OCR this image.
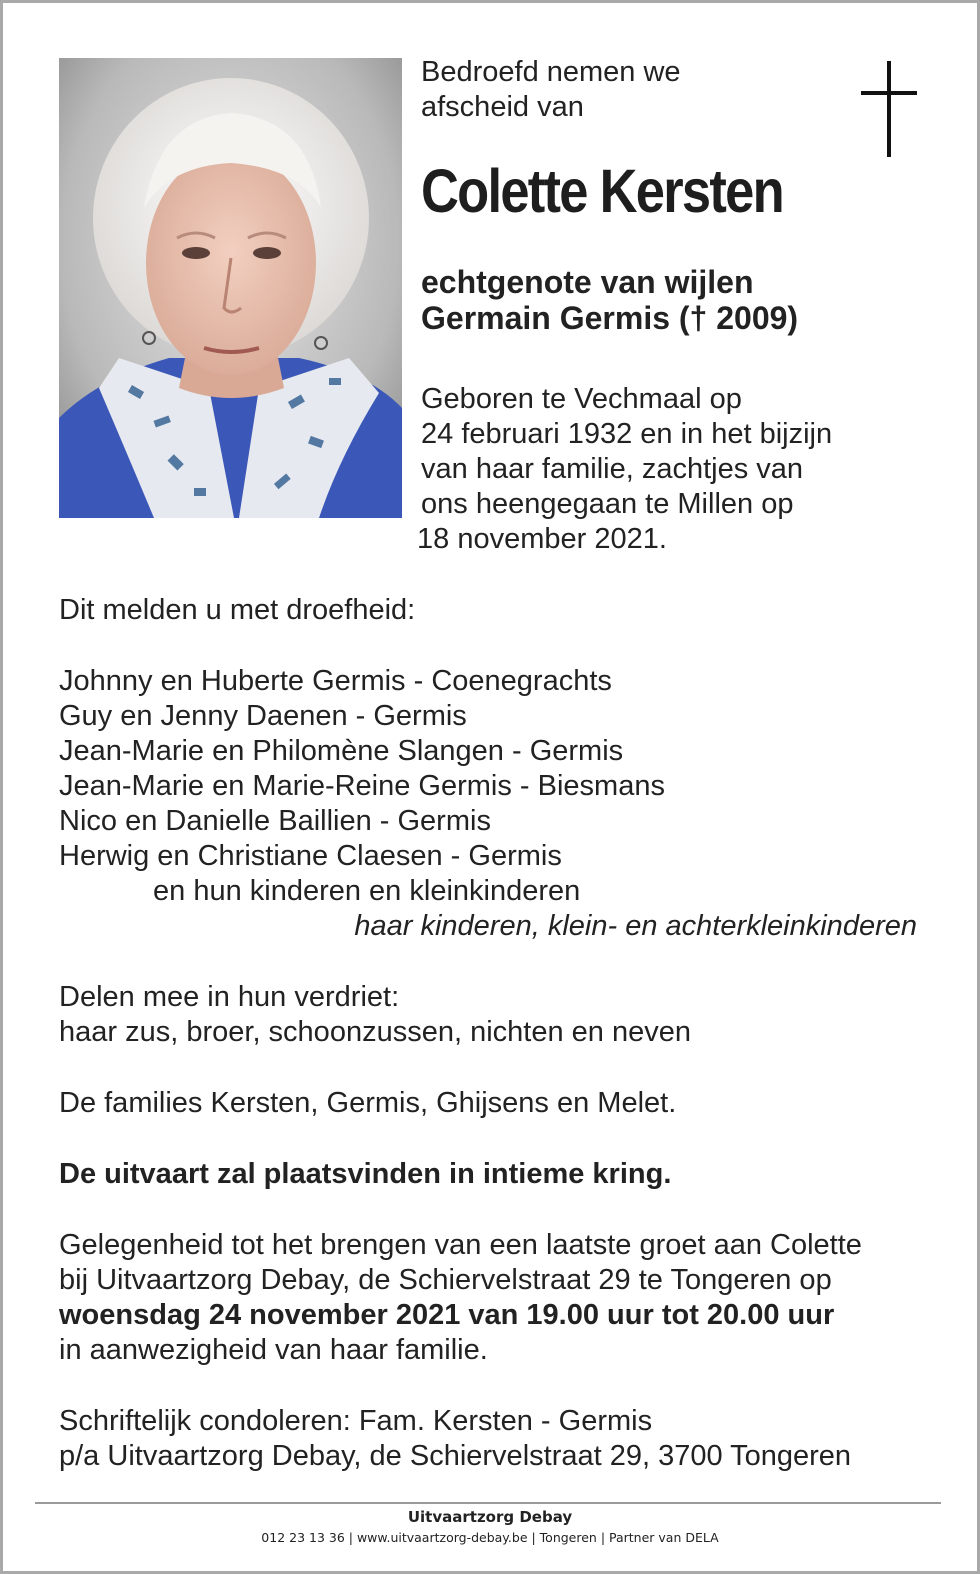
Bedroefd nemen we
afscheid van
Colette Kersten
echtgenote van wijlen
Germain Germis († 2009)
Geboren te Vechmaal op
24 februari 1932 en in het bijzijn
van haar familie, zachtjes van
ons heengegaan te Millen op
18 november 2021.
Dit melden u met droefheid:
Johnny en Huberte Germis - Coenegrachts
Guy en Jenny Daenen - Germis
Jean-Marie en Philomène Slangen - Germis
Jean-Marie en Marie-Reine Germis - Biesmans
Nico en Danielle Baillien - Germis
Herwig en Christiane Claesen - Germis
en hun kinderen en kleinkinderen
haar kinderen, klein- en achterkleinkinderen
Delen mee in hun verdriet:
haar zus, broer, schoonzussen, nichten en neven
De families Kersten, Germis, Ghijsens en Melet.
De uitvaart zal plaatsvinden in intieme kring.
Gelegenheid tot het brengen van een laatste groet aan Colette
bij Uitvaartzorg Debay, de Schiervelstraat 29 te Tongeren op
woensdag 24 november 2021 van 19.00 uur tot 20.00 uur
in aanwezigheid van haar familie.
Schriftelijk condoleren: Fam. Kersten - Germis
p/a Uitvaartzorg Debay, de Schiervelstraat 29, 3700 Tongeren
Uitvaartzorg Debay
012 23 13 36 | www.uitvaartzorg-debay.be | Tongeren | Partner van DELA
